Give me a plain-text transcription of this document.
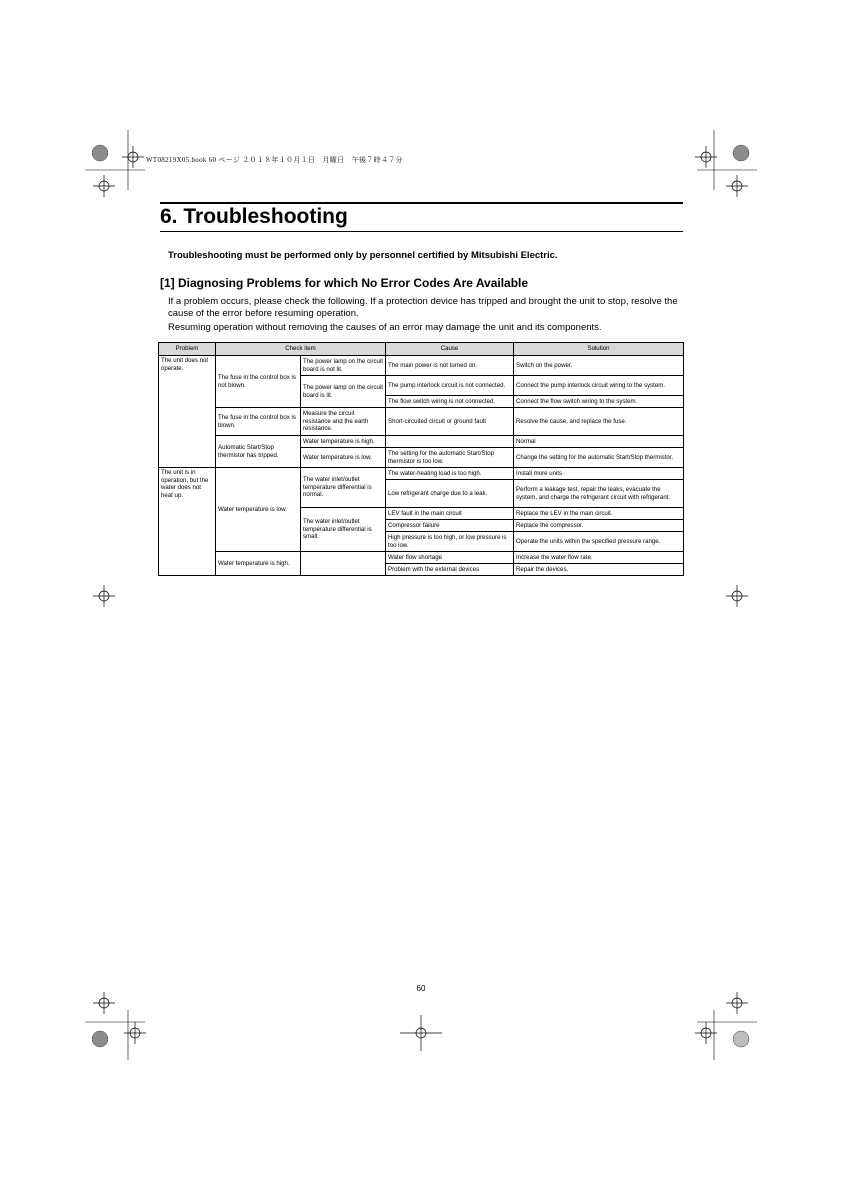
WT08219X05.book 60 ページ ２０１８年１０月１日　月曜日　午後７時４７分
6. Troubleshooting
Troubleshooting must be performed only by personnel certified by Mitsubishi Electric.
[1] Diagnosing Problems for which No Error Codes Are Available
If a problem occurs, please check the following. If a protection device has tripped and brought the unit to stop, resolve the cause of the error before resuming operation.
Resuming operation without removing the causes of an error may damage the unit and its components.
Problem	Check item		Cause	Solution
The unit does not operate.	The fuse in the control box is not blown.	The power lamp on the circuit board is not lit.	The main power is not turned on.	Switch on the power.
		The power lamp on the circuit board is lit.	The pump interlock circuit is not connected.	Connect the pump interlock circuit wiring to the system.
			The flow switch wiring is not connected.	Connect the flow switch wiring to the system.
	The fuse in the control box is blown.	Measure the circuit resistance and the earth resistance.	Short-circuited circuit or ground fault	Resolve the cause, and replace the fuse.
	Automatic Start/Stop thermistor has tripped.	Water temperature is high.		Normal
		Water temperature is low.	The setting for the automatic Start/Stop thermistor is too low.	Change the setting for the automatic Start/Stop thermistor.
The unit is in operation, but the water does not heat up.	Water temperature is low.	The water inlet/outlet temperature differential is normal.	The water-heating load is too high.	Install more units.
			Low refrigerant charge due to a leak.	Perform a leakage test, repair the leaks, evacuate the system, and charge the refrigerant circuit with refrigerant.
		The water inlet/outlet temperature differential is small.	LEV fault in the main circuit	Replace the LEV in the main circuit.
			Compressor failure	Replace the compressor.
			High pressure is too high, or low pressure is too low.	Operate the units within the specified pressure range.
	Water temperature is high.		Water flow shortage	Increase the water flow rate.
			Problem with the external devices	Repair the devices.
60
